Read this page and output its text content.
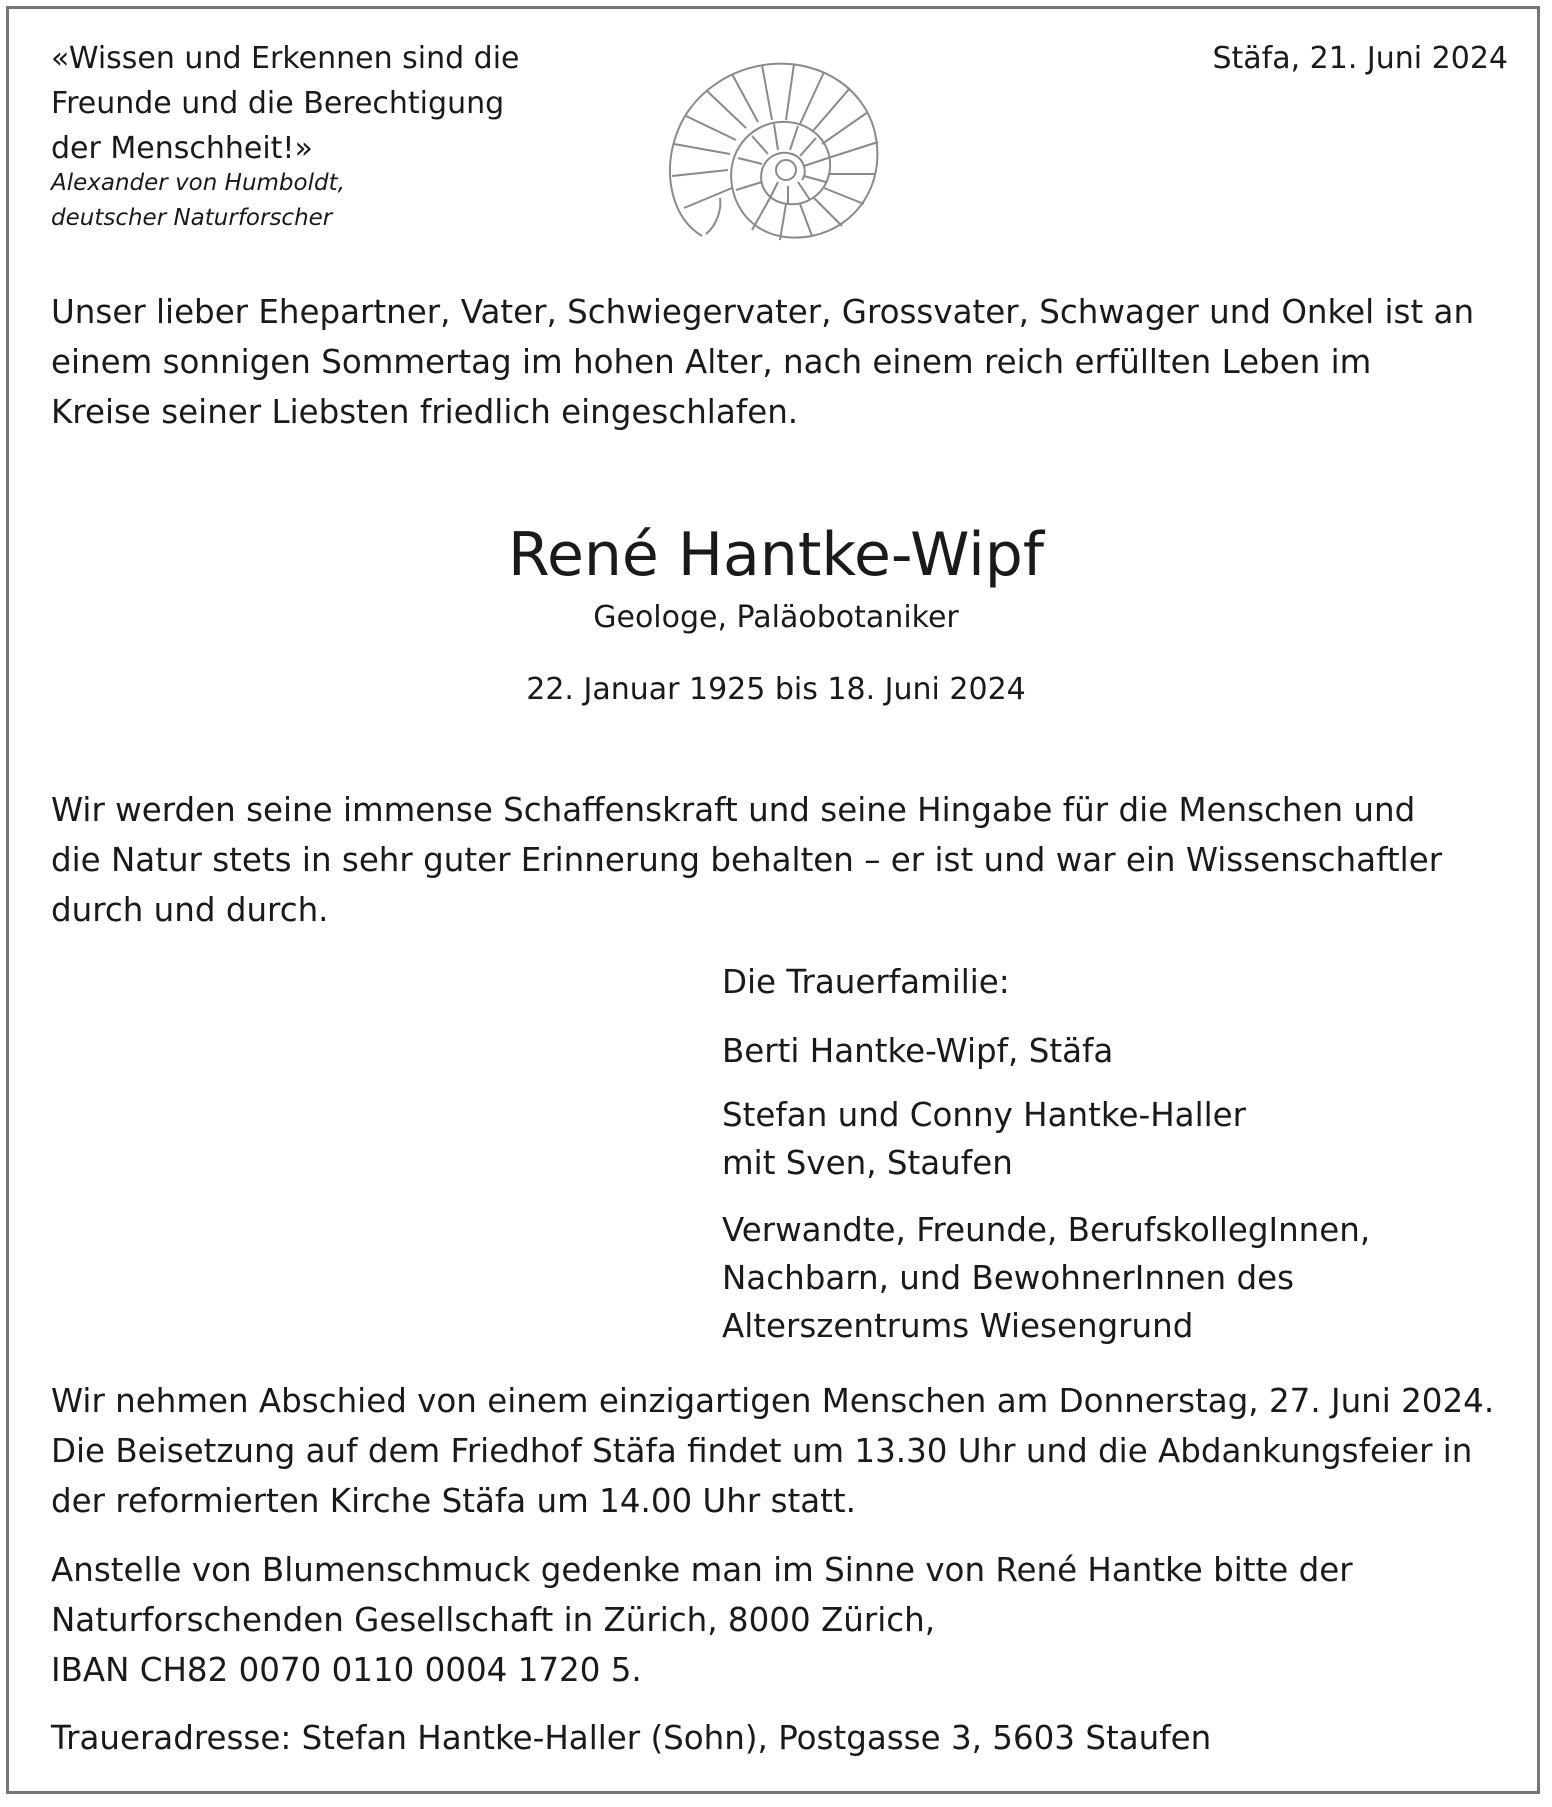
«Wissen und Erkennen sind die
Freunde und die Berechtigung
der Menschheit!»
Alexander von Humboldt,
deutscher Naturforscher
Stäfa, 21. Juni 2024
Unser lieber Ehepartner, Vater, Schwiegervater, Grossvater, Schwager und Onkel ist an
einem sonnigen Sommertag im hohen Alter, nach einem reich erfüllten Leben im
Kreise seiner Liebsten friedlich eingeschlafen.
René Hantke-Wipf
Geologe, Paläobotaniker
22. Januar 1925 bis 18. Juni 2024
Wir werden seine immense Schaffenskraft und seine Hingabe für die Menschen und
die Natur stets in sehr guter Erinnerung behalten – er ist und war ein Wissenschaftler
durch und durch.
Die Trauerfamilie:
Berti Hantke-Wipf, Stäfa
Stefan und Conny Hantke-Haller
mit Sven, Staufen
Verwandte, Freunde, BerufskollegInnen,
Nachbarn, und BewohnerInnen des
Alterszentrums Wiesengrund
Wir nehmen Abschied von einem einzigartigen Menschen am Donnerstag, 27. Juni 2024.
Die Beisetzung auf dem Friedhof Stäfa findet um 13.30 Uhr und die Abdankungsfeier in
der reformierten Kirche Stäfa um 14.00 Uhr statt.
Anstelle von Blumenschmuck gedenke man im Sinne von René Hantke bitte der
Naturforschenden Gesellschaft in Zürich, 8000 Zürich,
IBAN CH82 0070 0110 0004 1720 5.
Traueradresse: Stefan Hantke-Haller (Sohn), Postgasse 3, 5603 Staufen
